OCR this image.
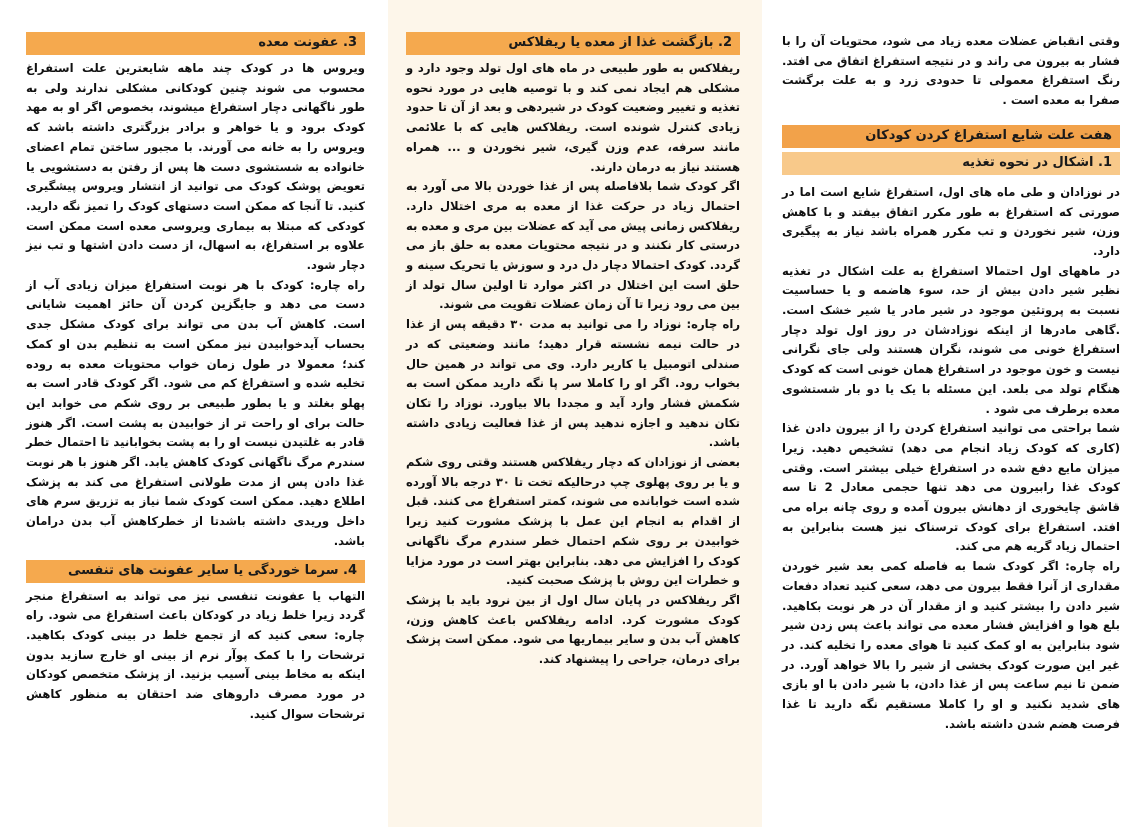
وقتی انقباض عضلات معده زیاد می شود، محتویات آن را با فشار به بیرون می راند و در نتیجه استفراغ اتفاق می افتد. رنگ استفراغ معمولی تا حدودی زرد و به علت برگشت صفرا به معده است .

هفت علت شایع استفراغ کردن کودکان
1. اشکال در نحوه تغذیه

در نوزادان و طی ماه های اول، استفراغ شایع است اما در صورتی که استفراغ به طور مکرر اتفاق بیفتد و با کاهش وزن، شیر نخوردن و تب مکرر همراه باشد نیاز به پیگیری دارد.

در ماههای اول احتمالا استفراغ به علت اشکال در تغذیه نظیر شیر دادن بیش از حد، سوء هاضمه و یا حساسیت نسبت به پروتئین موجود در شیر مادر یا شیر خشک است. .گاهی مادرها از اینکه نوزادشان در روز اول تولد دچار استفراغ خونی می شوند، نگران هستند ولی جای نگرانی نیست و خون موجود در استفراغ همان خونی است که کودک هنگام تولد می بلعد. این مسئله با یک یا دو بار شستشوی معده برطرف می شود .

شما براحتی می توانید استفراغ کردن را از بیرون دادن غذا (کاری که کودک زیاد انجام می دهد) تشخیص دهید. زیرا میزان مایع دفع شده در استفراغ خیلی بیشتر است. وقتی کودک غذا رابیرون می دهد تنها حجمی معادل 2 تا سه قاشق چایخوری از دهانش بیرون آمده و روی چانه براه می افتد. استفراغ برای کودک ترسناک نیز هست بنابراین به احتمال زیاد گریه هم می کند.

راه چاره: اگر کودک شما به فاصله کمی بعد شیر خوردن مقداری از آنرا فقط بیرون می دهد، سعی کنید تعداد دفعات شیر دادن را بیشتر کنید و از مقدار آن در هر نوبت بکاهید. بلع هوا و افزایش فشار معده می تواند باعث پس زدن شیر شود بنابراین به او کمک کنید تا هوای معده را تخلیه کند. در غیر این صورت کودک بخشی از شیر را بالا خواهد آورد. در ضمن تا نیم ساعت پس از غذا دادن، با شیر دادن با او بازی های شدید نکنید و او را کاملا مستقیم نگه دارید تا غذا فرصت هضم شدن داشته باشد.

2. بازگشت غذا از معده یا ریفلاکس

ریفلاکس به طور طبیعی در ماه های اول تولد وجود دارد و مشکلی هم ایجاد نمی کند و با توصیه هایی در مورد نحوه تغذیه و تغییر وضعیت کودک در شیردهی و بعد از آن تا حدود زیادی کنترل شونده است. ریفلاکس هایی که با علائمی مانند سرفه، عدم وزن گیری، شیر نخوردن و ... همراه هستند نیاز به درمان دارند.

اگر کودک شما بلافاصله پس از غذا خوردن بالا می آورد به احتمال زیاد در حرکت غذا از معده به مری اختلال دارد. ریفلاکس زمانی پیش می آید که عضلات بین مری و معده به درستی کار نکنند و در نتیجه محتویات معده به حلق باز می گردد. کودک احتمالا دچار دل درد و سوزش یا تحریک سینه و حلق است این اختلال در اکثر موارد تا اولین سال تولد از بین می رود زیرا تا آن زمان عضلات تقویت می شوند.

راه چاره: نوزاد را می توانید به مدت ۳۰ دقیقه پس از غذا در حالت نیمه نشسته قرار دهید؛ مانند وضعیتی که در صندلی اتومبیل یا کاریر دارد. وی می تواند در همین حال بخواب رود. اگر او را کاملا سر پا نگه دارید ممکن است به شکمش فشار وارد آید و مجددا بالا بیاورد. نوزاد را تکان تکان ندهید و اجازه ندهید پس از غذا فعالیت زیادی داشته باشد.

بعضی از نوزادان که دچار ریفلاکس هستند وقتی روی شکم و یا بر روی پهلوی چپ درحالیکه تخت تا ۳۰ درجه بالا آورده شده است خوابانده می شوند، کمتر استفراغ می کنند. قبل از اقدام به انجام این عمل با پزشک مشورت کنید زیرا خوابیدن بر روی شکم احتمال خطر سندرم مرگ ناگهانی کودک را افزایش می دهد. بنابراین بهتر است در مورد مزایا و خطرات این روش با پزشک صحبت کنید.

اگر ریفلاکس در پایان سال اول از بین نرود باید با پزشک کودک مشورت کرد. ادامه ریفلاکس باعث کاهش وزن، کاهش آب بدن و سایر بیماریها می شود. ممکن است پزشک برای درمان، جراحی را پیشنهاد کند.

3. عفونت معده

ویروس ها در کودک چند ماهه شایعترین علت استفراغ محسوب می شوند چنین کودکانی مشکلی ندارند ولی به طور ناگهانی دچار استفراغ میشوند، بخصوص اگر او به مهد کودک برود و یا خواهر و برادر بزرگتری داشته باشد که ویروس را به خانه می آورند. با مجبور ساختن تمام اعضای خانواده به شستشوی دست ها پس از رفتن به دستشویی یا تعویض پوشک کودک می توانید از انتشار ویروس پیشگیری کنید. تا آنجا که ممکن است دستهای کودک را تمیز نگه دارید. کودکی که مبتلا به بیماری ویروسی معده است ممکن است علاوه بر استفراغ، به اسهال، از دست دادن اشتها و تب نیز دچار شود.

راه چاره: کودک با هر نوبت استفراغ میزان زیادی آب از دست می دهد و جایگزین کردن آن حائز اهمیت شایانی است. کاهش آب بدن می تواند برای کودک مشکل جدی بحساب آیدخوابیدن نیز ممکن است به تنظیم بدن او کمک کند؛ معمولا در طول زمان خواب محتویات معده به روده تخلیه شده و استفراغ کم می شود. اگر کودک قادر است به پهلو بغلتد و یا بطور طبیعی بر روی شکم می خوابد این حالت برای او راحت تر از خوابیدن به پشت است. اگر هنوز قادر به غلتیدن نیست او را به پشت بخوابانید تا احتمال خطر سندرم مرگ ناگهانی کودک کاهش یابد. اگر هنوز با هر نوبت غذا دادن پس از مدت طولانی استفراغ می کند به پزشک اطلاع دهید. ممکن است کودک شما نیاز به تزریق سرم های داخل وریدی داشته باشدتا از خطرکاهش آب بدن درامان باشد.

4. سرما خوردگی یا سایر عفونت های تنفسی

التهاب یا عفونت تنفسی نیز می تواند به استفراغ منجر گردد زیرا خلط زیاد در کودکان باعث استفراغ می شود. راه چاره: سعی کنید که از تجمع خلط در بینی کودک بکاهید. ترشحات را با کمک پوآر نرم از بینی او خارج سازید بدون اینکه به مخاط بینی آسیب بزنید. از پزشک متخصص کودکان در مورد مصرف داروهای ضد احتقان به منظور کاهش ترشحات سوال کنید.
